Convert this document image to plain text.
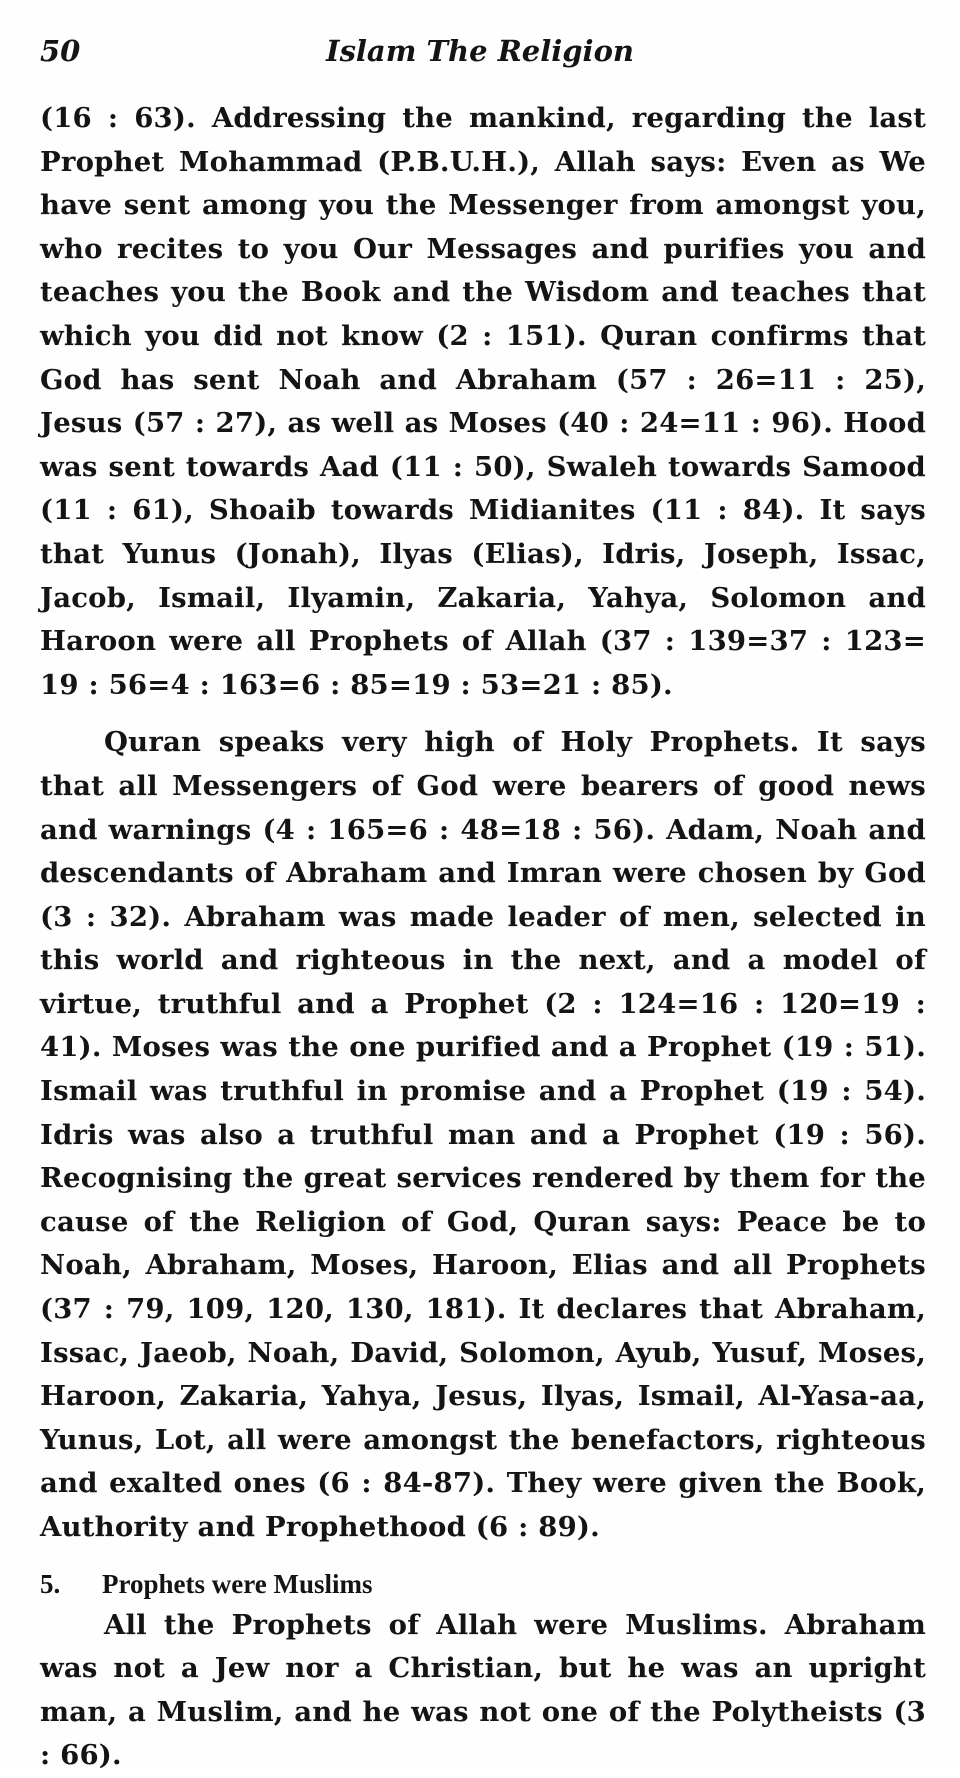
50	Islam The Religion

(16 : 63). Addressing the mankind, regarding the last Prophet Mohammad (P.B.U.H.), Allah says: Even as We have sent among you the Messenger from amongst you, who recites to you Our Messages and purifies you and teaches you the Book and the Wisdom and teaches that which you did not know (2 : 151). Quran confirms that God has sent Noah and Abraham (57 : 26=11 : 25), Jesus (57 : 27), as well as Moses (40 : 24=11 : 96). Hood was sent towards Aad (11 : 50), Swaleh towards Samood (11 : 61), Shoaib towards Midianites (11 : 84). It says that Yunus (Jonah), Ilyas (Elias), Idris, Joseph, Issac, Jacob, Ismail, Ilyamin, Zakaria, Yahya, Solomon and Haroon were all Prophets of Allah (37 : 139=37 : 123= 19 : 56=4 : 163=6 : 85=19 : 53=21 : 85).

Quran speaks very high of Holy Prophets. It says that all Messengers of God were bearers of good news and warnings (4 : 165=6 : 48=18 : 56). Adam, Noah and descendants of Abraham and Imran were chosen by God (3 : 32). Abraham was made leader of men, selected in this world and righteous in the next, and a model of virtue, truthful and a Prophet (2 : 124=16 : 120=19 : 41). Moses was the one purified and a Prophet (19 : 51). Ismail was truthful in promise and a Prophet (19 : 54). Idris was also a truthful man and a Prophet (19 : 56). Recognising the great services rendered by them for the cause of the Religion of God, Quran says: Peace be to Noah, Abraham, Moses, Haroon, Elias and all Prophets (37 : 79, 109, 120, 130, 181). It declares that Abraham, Issac, Jaeob, Noah, David, Solomon, Ayub, Yusuf, Moses, Haroon, Zakaria, Yahya, Jesus, Ilyas, Ismail, Al-Yasa-aa, Yunus, Lot, all were amongst the benefactors, righteous and exalted ones (6 : 84-87). They were given the Book, Authority and Prophethood (6 : 89).

5. Prophets were Muslims

All the Prophets of Allah were Muslims. Abraham was not a Jew nor a Christian, but he was an upright man, a Muslim, and he was not one of the Polytheists (3 : 66).
